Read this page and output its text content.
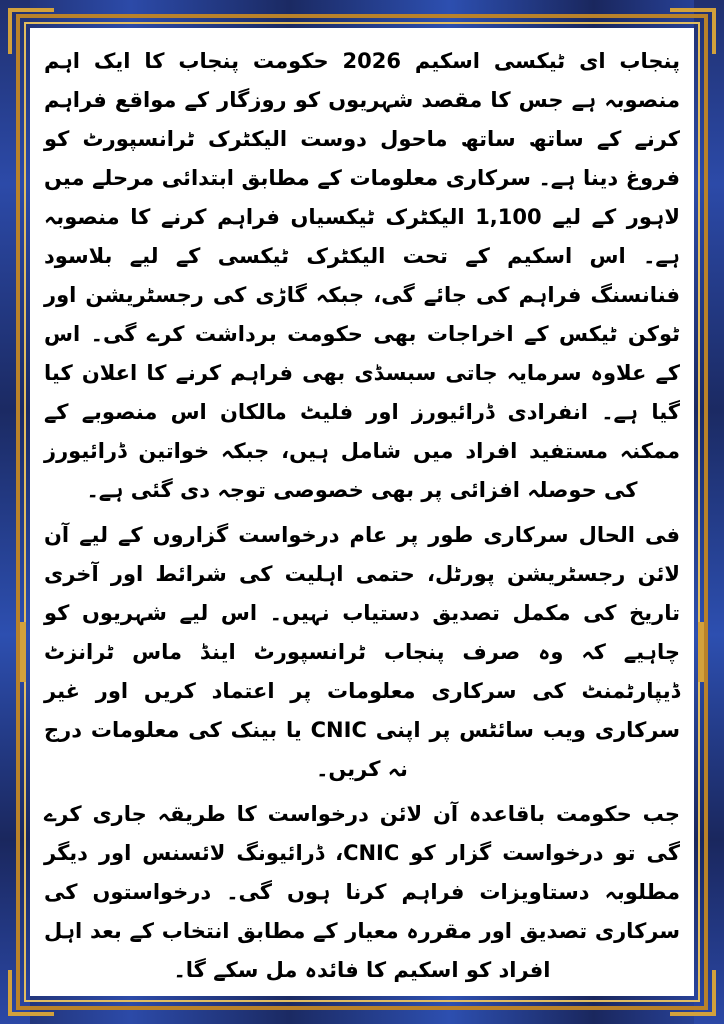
پنجاب ای ٹیکسی اسکیم 2026 حکومت پنجاب کا ایک اہم منصوبہ ہے جس کا مقصد شہریوں کو روزگار کے مواقع فراہم کرنے کے ساتھ ساتھ ماحول دوست الیکٹرک ٹرانسپورٹ کو فروغ دینا ہے۔ سرکاری معلومات کے مطابق ابتدائی مرحلے میں لاہور کے لیے 1,100 الیکٹرک ٹیکسیاں فراہم کرنے کا منصوبہ ہے۔ اس اسکیم کے تحت الیکٹرک ٹیکسی کے لیے بلاسود فنانسنگ فراہم کی جائے گی، جبکہ گاڑی کی رجسٹریشن اور ٹوکن ٹیکس کے اخراجات بھی حکومت برداشت کرے گی۔ اس کے علاوہ سرمایہ جاتی سبسڈی بھی فراہم کرنے کا اعلان کیا گیا ہے۔ انفرادی ڈرائیورز اور فلیٹ مالکان اس منصوبے کے ممکنہ مستفید افراد میں شامل ہیں، جبکہ خواتین ڈرائیورز کی حوصلہ افزائی پر بھی خصوصی توجہ دی گئی ہے۔

فی الحال سرکاری طور پر عام درخواست گزاروں کے لیے آن لائن رجسٹریشن پورٹل، حتمی اہلیت کی شرائط اور آخری تاریخ کی مکمل تصدیق دستیاب نہیں۔ اس لیے شہریوں کو چاہیے کہ وہ صرف پنجاب ٹرانسپورٹ اینڈ ماس ٹرانزٹ ڈیپارٹمنٹ کی سرکاری معلومات پر اعتماد کریں اور غیر سرکاری ویب سائٹس پر اپنی CNIC یا بینک کی معلومات درج نہ کریں۔

جب حکومت باقاعدہ آن لائن درخواست کا طریقہ جاری کرے گی تو درخواست گزار کو CNIC، ڈرائیونگ لائسنس اور دیگر مطلوبہ دستاویزات فراہم کرنا ہوں گی۔ درخواستوں کی سرکاری تصدیق اور مقررہ معیار کے مطابق انتخاب کے بعد اہل افراد کو اسکیم کا فائدہ مل سکے گا۔
